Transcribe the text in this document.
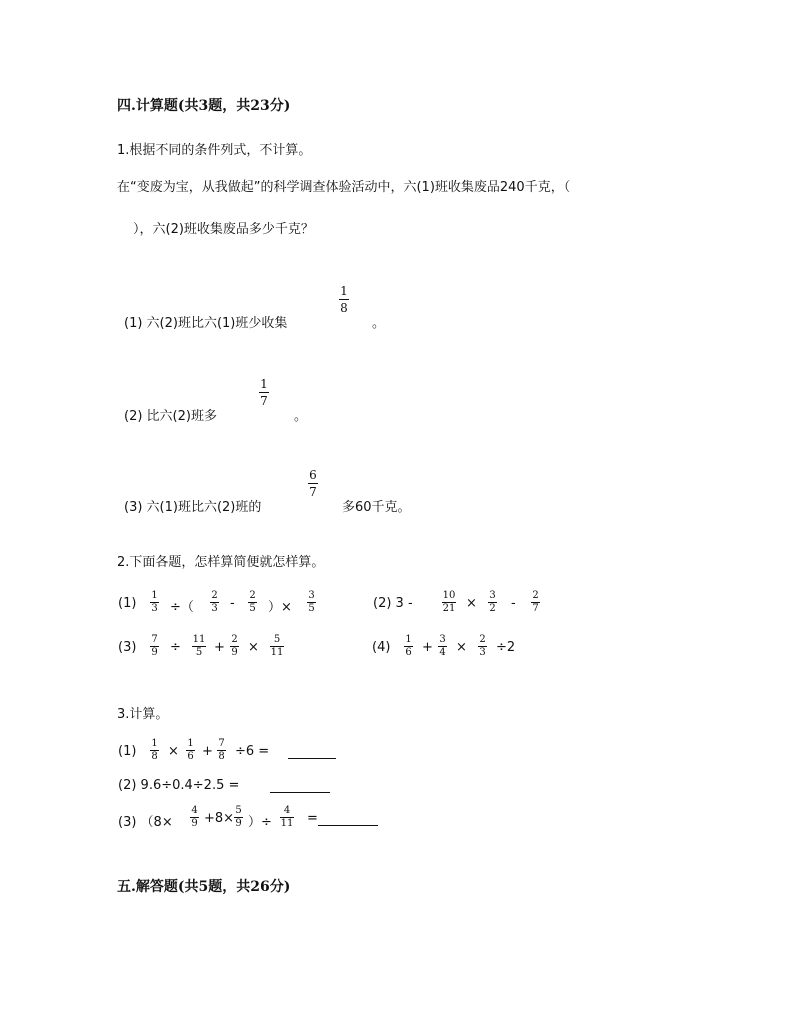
四.计算题(共3题，共23分)
1.根据不同的条件列式，不计算。
在“变废为宝，从我做起”的科学调查体验活动中，六(1)班收集废品240千克，（
），六(2)班收集废品多少千克？
(1) 六(2)班比六(1)班少收集
1
8
。
(2) 比六(2)班多
1
7
。
(3) 六(1)班比六(2)班的
6
7
多60千克。
2.下面各题，怎样算简便就怎样算。
(1)
1
3 ÷（
2
3 -
2
5 ）×
3
5	(2) 3 -
10
21 ×
3
2 -
2
7
(3)
7
9 ÷
11
5 +
2
9 ×
5
11	(4)
1
6 +
3
4 ×
2
3 ÷2
3.计算。
(1)
1
8 ×
1
6 +
7
8 ÷6 =
(2) 9.6÷0.4÷2.5 =
(3) （8×
4
9 +8×
5
9 ）÷
4
11 =
五.解答题(共5题，共26分)
